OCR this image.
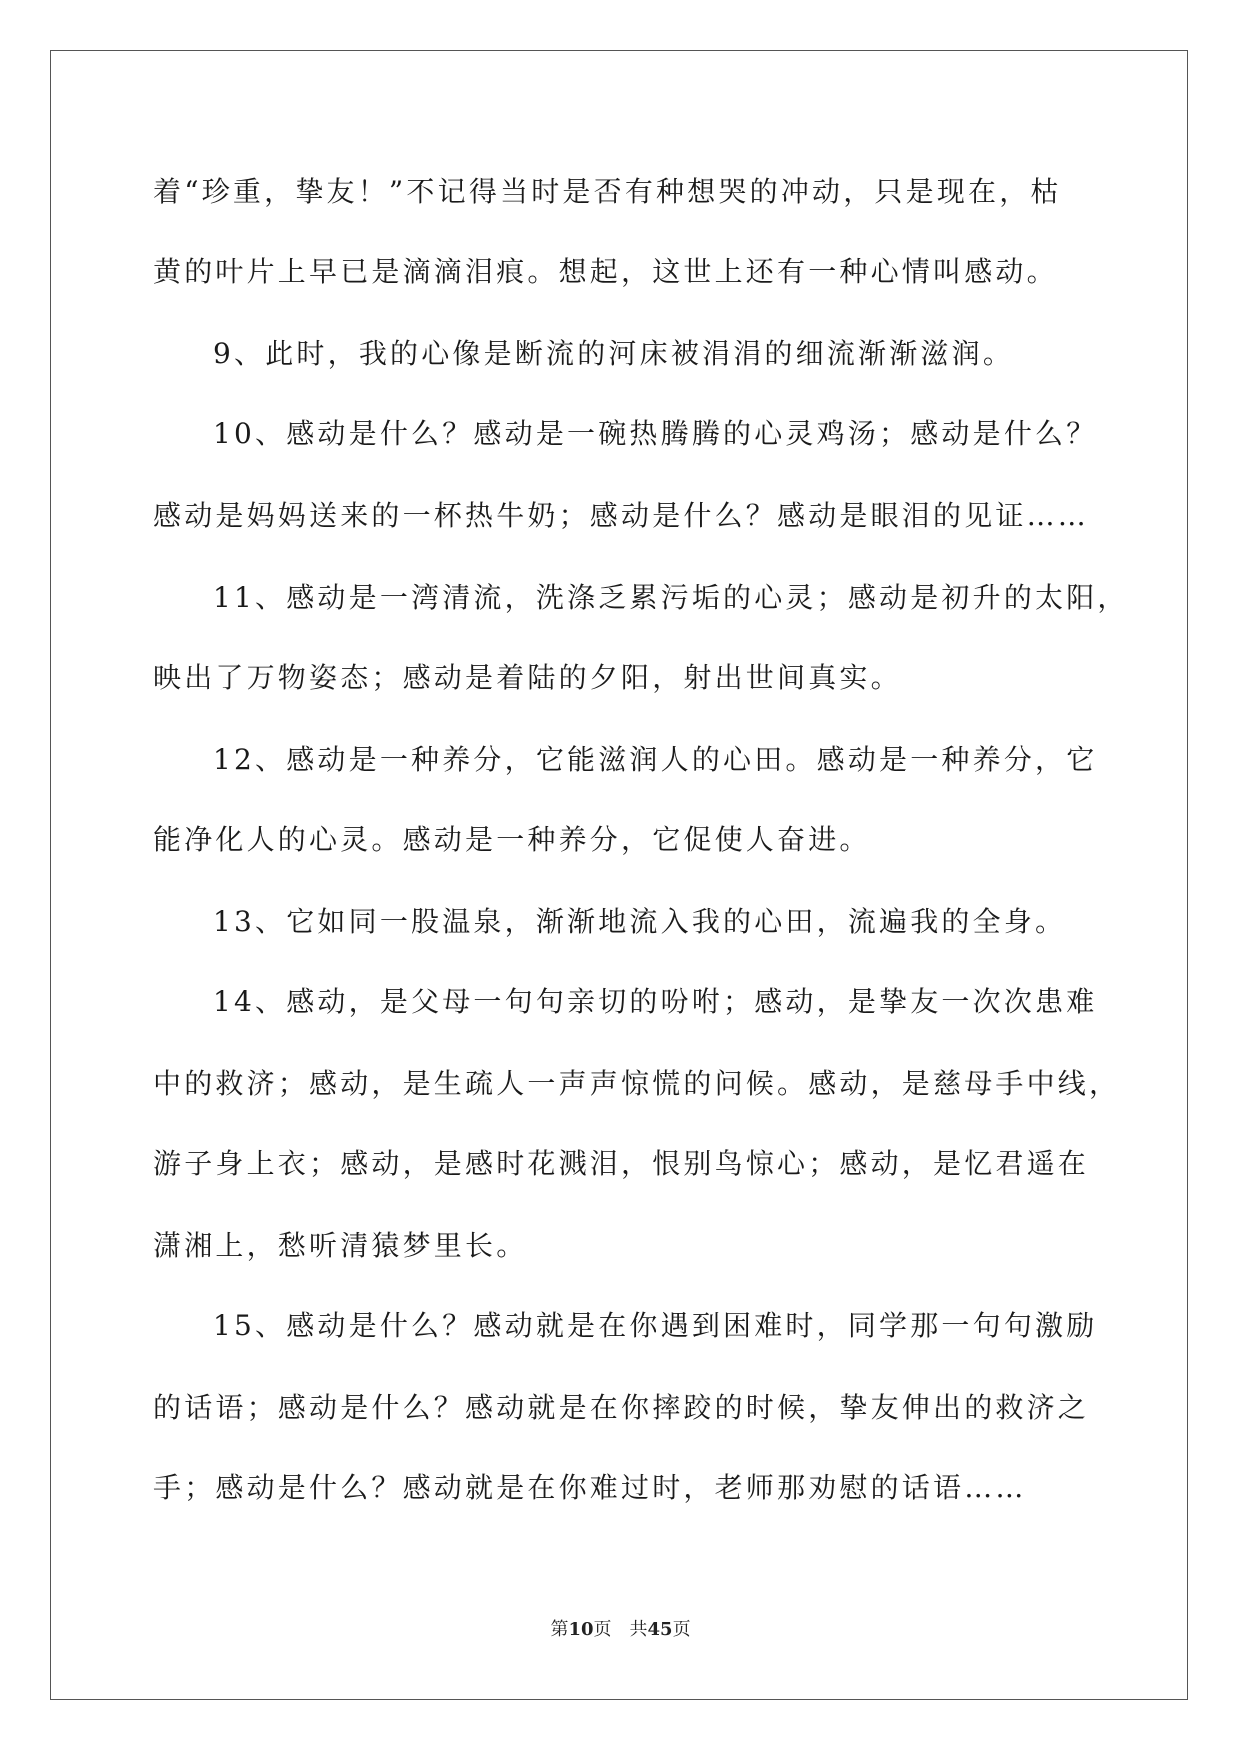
着“珍重，挚友！”不记得当时是否有种想哭的冲动，只是现在，枯
黄的叶片上早已是滴滴泪痕。想起，这世上还有一种心情叫感动。
9、此时，我的心像是断流的河床被涓涓的细流渐渐滋润。
10、感动是什么？感动是一碗热腾腾的心灵鸡汤；感动是什么？
感动是妈妈送来的一杯热牛奶；感动是什么？感动是眼泪的见证……
11、感动是一湾清流，洗涤乏累污垢的心灵；感动是初升的太阳，
映出了万物姿态；感动是着陆的夕阳，射出世间真实。
12、感动是一种养分，它能滋润人的心田。感动是一种养分，它
能净化人的心灵。感动是一种养分，它促使人奋进。
13、它如同一股温泉，渐渐地流入我的心田，流遍我的全身。
14、感动，是父母一句句亲切的吩咐；感动，是挚友一次次患难
中的救济；感动，是生疏人一声声惊慌的问候。感动，是慈母手中线，
游子身上衣；感动，是感时花溅泪，恨别鸟惊心；感动，是忆君遥在
潇湘上，愁听清猿梦里长。
15、感动是什么？感动就是在你遇到困难时，同学那一句句激励
的话语；感动是什么？感动就是在你摔跤的时候，挚友伸出的救济之
手；感动是什么？感动就是在你难过时，老师那劝慰的话语……
第10页　共45页
